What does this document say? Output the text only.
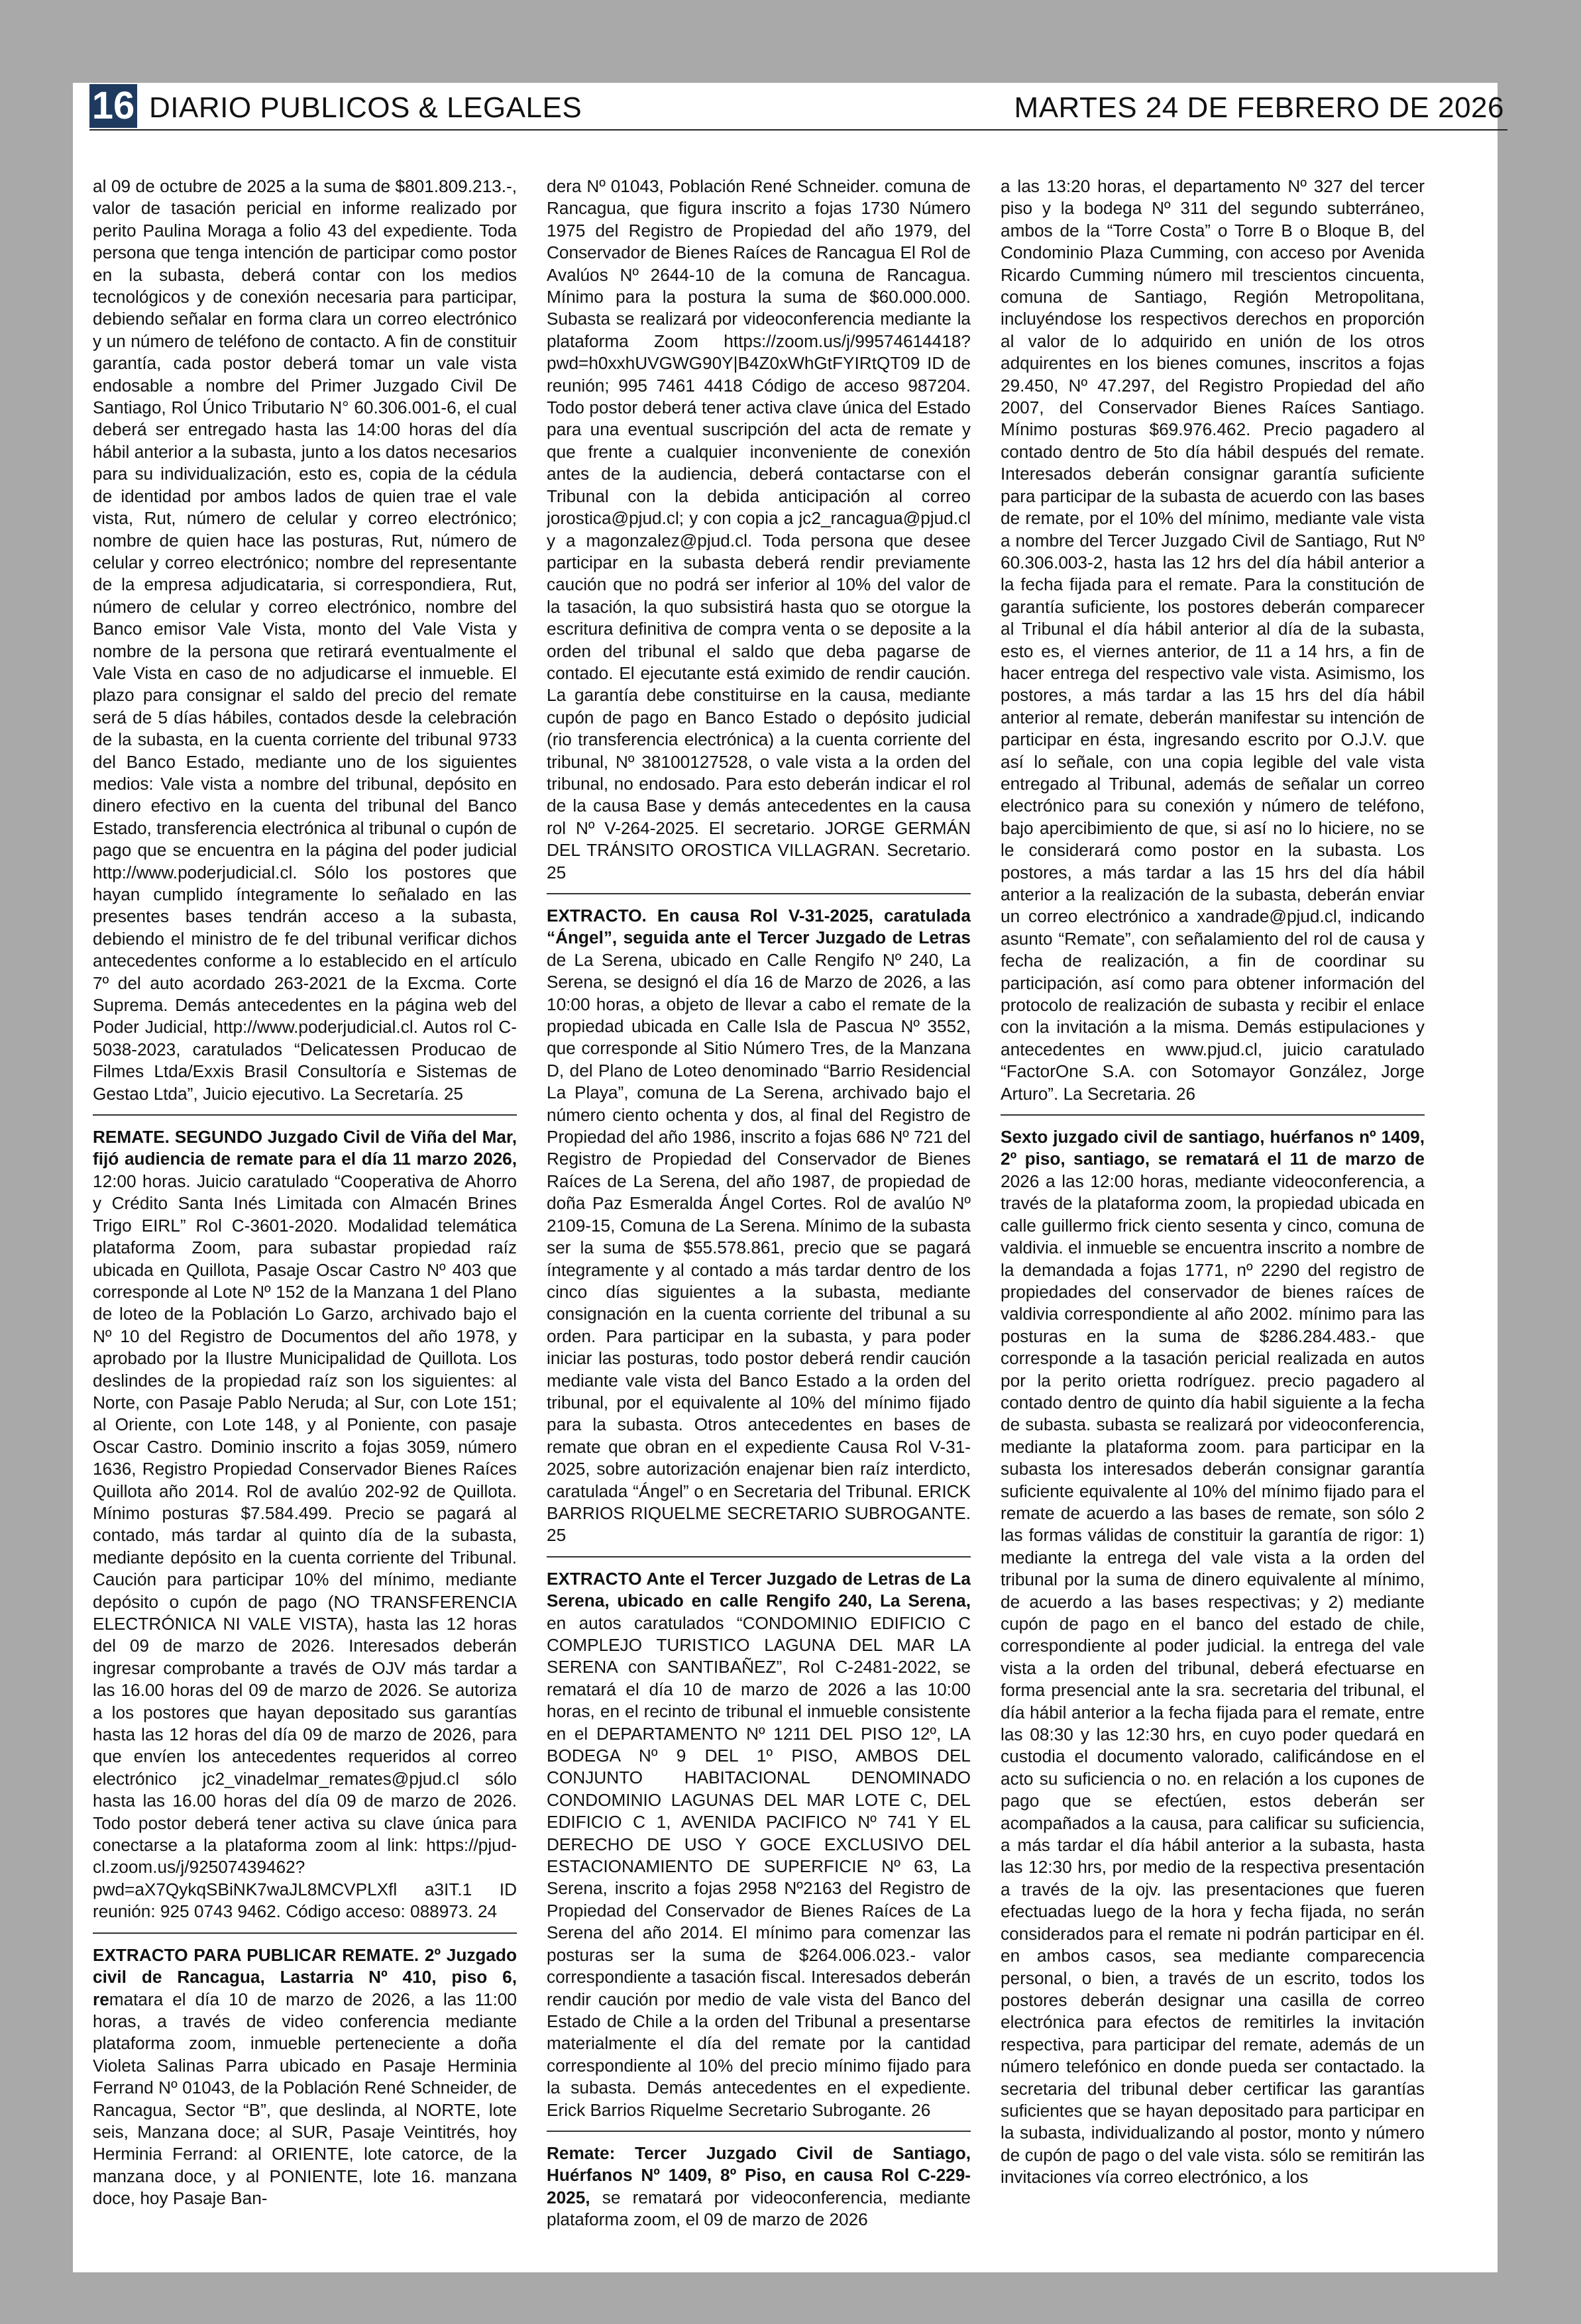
16 DIARIO PUBLICOS & LEGALES	MARTES 24 DE FEBRERO DE 2026

al 09 de octubre de 2025 a la suma de $801.809.213.-, valor de tasación pericial en informe realizado por perito Paulina Moraga a folio 43 del expediente. Toda persona que tenga intención de participar como postor en la subasta, deberá contar con los medios tecnológicos y de conexión necesaria para participar, debiendo señalar en forma clara un correo electrónico y un número de teléfono de contacto. A fin de constituir garantía, cada postor deberá tomar un vale vista endosable a nombre del Primer Juzgado Civil De Santiago, Rol Único Tributario N° 60.306.001-6, el cual deberá ser entregado hasta las 14:00 horas del día hábil anterior a la subasta, junto a los datos necesarios para su individualización, esto es, copia de la cédula de identidad por ambos lados de quien trae el vale vista, Rut, número de celular y correo electrónico; nombre de quien hace las posturas, Rut, número de celular y correo electrónico; nombre del representante de la empresa adjudicataria, si correspondiera, Rut, número de celular y correo electrónico, nombre del Banco emisor Vale Vista, monto del Vale Vista y nombre de la persona que retirará eventualmente el Vale Vista en caso de no adjudicarse el inmueble. El plazo para consignar el saldo del precio del remate será de 5 días hábiles, contados desde la celebración de la subasta, en la cuenta corriente del tribunal 9733 del Banco Estado, mediante uno de los siguientes medios: Vale vista a nombre del tribunal, depósito en dinero efectivo en la cuenta del tribunal del Banco Estado, transferencia electrónica al tribunal o cupón de pago que se encuentra en la página del poder judicial http://www.poderjudicial.cl. Sólo los postores que hayan cumplido íntegramente lo señalado en las presentes bases tendrán acceso a la subasta, debiendo el ministro de fe del tribunal verificar dichos antecedentes conforme a lo establecido en el artículo 7º del auto acordado 263-2021 de la Excma. Corte Suprema. Demás antecedentes en la página web del Poder Judicial, http://www.poderjudicial.cl. Autos rol C-5038-2023, caratulados “Delicatessen Producao de Filmes Ltda/Exxis Brasil Consultoría e Sistemas de Gestao Ltda”, Juicio ejecutivo. La Secretaría. 25

REMATE. SEGUNDO Juzgado Civil de Viña del Mar, fijó audiencia de remate para el día 11 marzo 2026, 12:00 horas. Juicio caratulado “Cooperativa de Ahorro y Crédito Santa Inés Limitada con Almacén Brines Trigo EIRL” Rol C-3601-2020. Modalidad telemática plataforma Zoom, para subastar propiedad raíz ubicada en Quillota, Pasaje Oscar Castro Nº 403 que corresponde al Lote Nº 152 de la Manzana 1 del Plano de loteo de la Población Lo Garzo, archivado bajo el Nº 10 del Registro de Documentos del año 1978, y aprobado por la Ilustre Municipalidad de Quillota. Los deslindes de la propiedad raíz son los siguientes: al Norte, con Pasaje Pablo Neruda; al Sur, con Lote 151; al Oriente, con Lote 148, y al Poniente, con pasaje Oscar Castro. Dominio inscrito a fojas 3059, número 1636, Registro Propiedad Conservador Bienes Raíces Quillota año 2014. Rol de avalúo 202-92 de Quillota. Mínimo posturas $7.584.499. Precio se pagará al contado, más tardar al quinto día de la subasta, mediante depósito en la cuenta corriente del Tribunal. Caución para participar 10% del mínimo, mediante depósito o cupón de pago (NO TRANSFERENCIA ELECTRÓNICA NI VALE VISTA), hasta las 12 horas del 09 de marzo de 2026. Interesados deberán ingresar comprobante a través de OJV más tardar a las 16.00 horas del 09 de marzo de 2026. Se autoriza a los postores que hayan depositado sus garantías hasta las 12 horas del día 09 de marzo de 2026, para que envíen los antecedentes requeridos al correo electrónico jc2_vinadelmar_remates@pjud.cl sólo hasta las 16.00 horas del día 09 de marzo de 2026. Todo postor deberá tener activa su clave única para conectarse a la plataforma zoom al link: https://pjud- cl.zoom.us/j/92507439462?pwd=aX7QykqSBiNK7waJL8MCVPLXfl a3IT.1 ID reunión: 925 0743 9462. Código acceso: 088973. 24

EXTRACTO PARA PUBLICAR REMATE. 2º Juzgado civil de Rancagua, Lastarria Nº 410, piso 6, rematara el día 10 de marzo de 2026, a las 11:00 horas, a través de video conferencia mediante plataforma zoom, inmueble perteneciente a doña Violeta Salinas Parra ubicado en Pasaje Herminia Ferrand Nº 01043, de la Población René Schneider, de Rancagua, Sector “B”, que deslinda, al NORTE, lote seis, Manzana doce; al SUR, Pasaje Veintitrés, hoy Herminia Ferrand: al ORIENTE, lote catorce, de la manzana doce, y al PONIENTE, lote 16. manzana doce, hoy Pasaje Ban-

dera Nº 01043, Población René Schneider. comuna de Rancagua, que figura inscrito a fojas 1730 Número 1975 del Registro de Propiedad del año 1979, del Conservador de Bienes Raíces de Rancagua El Rol de Avalúos Nº 2644-10 de la comuna de Rancagua. Mínimo para la postura la suma de $60.000.000. Subasta se realizará por videoconferencia mediante la plataforma Zoom https://zoom.us/j/99574614418?pwd=h0xxhUVGWG90Y|B4Z0xWhGtFYIRtQT09 ID de reunión; 995 7461 4418 Código de acceso 987204. Todo postor deberá tener activa clave única del Estado para una eventual suscripción del acta de remate y que frente a cualquier inconveniente de conexión antes de la audiencia, deberá contactarse con el Tribunal con la debida anticipación al correo jorostica@pjud.cl; y con copia a jc2_rancagua@pjud.cl y a magonzalez@pjud.cl. Toda persona que desee participar en la subasta deberá rendir previamente caución que no podrá ser inferior al 10% del valor de la tasación, la quo subsistirá hasta quo se otorgue la escritura definitiva de compra venta o se deposite a la orden del tribunal el saldo que deba pagarse de contado. El ejecutante está eximido de rendir caución. La garantía debe constituirse en la causa, mediante cupón de pago en Banco Estado o depósito judicial (rio transferencia electrónica) a la cuenta corriente del tribunal, Nº 38100127528, o vale vista a la orden del tribunal, no endosado. Para esto deberán indicar el rol de la causa Base y demás antecedentes en la causa rol Nº V-264-2025. El secretario. JORGE GERMÁN DEL TRÁNSITO OROSTICA VILLAGRAN. Secretario. 25

EXTRACTO. En causa Rol V-31-2025, caratulada “Ángel”, seguida ante el Tercer Juzgado de Letras de La Serena, ubicado en Calle Rengifo Nº 240, La Serena, se designó el día 16 de Marzo de 2026, a las 10:00 horas, a objeto de llevar a cabo el remate de la propiedad ubicada en Calle Isla de Pascua Nº 3552, que corresponde al Sitio Número Tres, de la Manzana D, del Plano de Loteo denominado “Barrio Residencial La Playa”, comuna de La Serena, archivado bajo el número ciento ochenta y dos, al final del Registro de Propiedad del año 1986, inscrito a fojas 686 Nº 721 del Registro de Propiedad del Conservador de Bienes Raíces de La Serena, del año 1987, de propiedad de doña Paz Esmeralda Ángel Cortes. Rol de avalúo Nº 2109-15, Comuna de La Serena. Mínimo de la subasta ser la suma de $55.578.861, precio que se pagará íntegramente y al contado a más tardar dentro de los cinco días siguientes a la subasta, mediante consignación en la cuenta corriente del tribunal a su orden. Para participar en la subasta, y para poder iniciar las posturas, todo postor deberá rendir caución mediante vale vista del Banco Estado a la orden del tribunal, por el equivalente al 10% del mínimo fijado para la subasta. Otros antecedentes en bases de remate que obran en el expediente Causa Rol V-31- 2025, sobre autorización enajenar bien raíz interdicto, caratulada “Ángel” o en Secretaria del Tribunal. ERICK BARRIOS RIQUELME SECRETARIO SUBROGANTE. 25

EXTRACTO Ante el Tercer Juzgado de Letras de La Serena, ubicado en calle Rengifo 240, La Serena, en autos caratulados “CONDOMINIO EDIFICIO C COMPLEJO TURISTICO LAGUNA DEL MAR LA SERENA con SANTIBAÑEZ”, Rol C-2481-2022, se rematará el día 10 de marzo de 2026 a las 10:00 horas, en el recinto de tribunal el inmueble consistente en el DEPARTAMENTO Nº 1211 DEL PISO 12º, LA BODEGA Nº 9 DEL 1º PISO, AMBOS DEL CONJUNTO HABITACIONAL DENOMINADO CONDOMINIO LAGUNAS DEL MAR LOTE C, DEL EDIFICIO C 1, AVENIDA PACIFICO Nº 741 Y EL DERECHO DE USO Y GOCE EXCLUSIVO DEL ESTACIONAMIENTO DE SUPERFICIE Nº 63, La Serena, inscrito a fojas 2958 Nº2163 del Registro de Propiedad del Conservador de Bienes Raíces de La Serena del año 2014. El mínimo para comenzar las posturas ser la suma de $264.006.023.- valor correspondiente a tasación fiscal. Interesados deberán rendir caución por medio de vale vista del Banco del Estado de Chile a la orden del Tribunal a presentarse materialmente el día del remate por la cantidad correspondiente al 10% del precio mínimo fijado para la subasta. Demás antecedentes en el expediente. Erick Barrios Riquelme Secretario Subrogante. 26

Remate: Tercer Juzgado Civil de Santiago, Huérfanos Nº 1409, 8º Piso, en causa Rol C-229-2025, se rematará por videoconferencia, mediante plataforma zoom, el 09 de marzo de 2026

a las 13:20 horas, el departamento Nº 327 del tercer piso y la bodega Nº 311 del segundo subterráneo, ambos de la “Torre Costa” o Torre B o Bloque B, del Condominio Plaza Cumming, con acceso por Avenida Ricardo Cumming número mil trescientos cincuenta, comuna de Santiago, Región Metropolitana, incluyéndose los respectivos derechos en proporción al valor de lo adquirido en unión de los otros adquirentes en los bienes comunes, inscritos a fojas 29.450, Nº 47.297, del Registro Propiedad del año 2007, del Conservador Bienes Raíces Santiago. Mínimo posturas $69.976.462. Precio pagadero al contado dentro de 5to día hábil después del remate. Interesados deberán consignar garantía suficiente para participar de la subasta de acuerdo con las bases de remate, por el 10% del mínimo, mediante vale vista a nombre del Tercer Juzgado Civil de Santiago, Rut Nº 60.306.003-2, hasta las 12 hrs del día hábil anterior a la fecha fijada para el remate. Para la constitución de garantía suficiente, los postores deberán comparecer al Tribunal el día hábil anterior al día de la subasta, esto es, el viernes anterior, de 11 a 14 hrs, a fin de hacer entrega del respectivo vale vista. Asimismo, los postores, a más tardar a las 15 hrs del día hábil anterior al remate, deberán manifestar su intención de participar en ésta, ingresando escrito por O.J.V. que así lo señale, con una copia legible del vale vista entregado al Tribunal, además de señalar un correo electrónico para su conexión y número de teléfono, bajo apercibimiento de que, si así no lo hiciere, no se le considerará como postor en la subasta. Los postores, a más tardar a las 15 hrs del día hábil anterior a la realización de la subasta, deberán enviar un correo electrónico a xandrade@pjud.cl, indicando asunto “Remate”, con señalamiento del rol de causa y fecha de realización, a fin de coordinar su participación, así como para obtener información del protocolo de realización de subasta y recibir el enlace con la invitación a la misma. Demás estipulaciones y antecedentes en www.pjud.cl, juicio caratulado “FactorOne S.A. con Sotomayor González, Jorge Arturo”. La Secretaria. 26

Sexto juzgado civil de santiago, huérfanos nº 1409, 2º piso, santiago, se rematará el 11 de marzo de 2026 a las 12:00 horas, mediante videoconferencia, a través de la plataforma zoom, la propiedad ubicada en calle guillermo frick ciento sesenta y cinco, comuna de valdivia. el inmueble se encuentra inscrito a nombre de la demandada a fojas 1771, nº 2290 del registro de propiedades del conservador de bienes raíces de valdivia correspondiente al año 2002. mínimo para las posturas en la suma de $286.284.483.- que corresponde a la tasación pericial realizada en autos por la perito orietta rodríguez. precio pagadero al contado dentro de quinto día habil siguiente a la fecha de subasta. subasta se realizará por videoconferencia, mediante la plataforma zoom. para participar en la subasta los interesados deberán consignar garantía suficiente equivalente al 10% del mínimo fijado para el remate de acuerdo a las bases de remate, son sólo 2 las formas válidas de constituir la garantía de rigor: 1) mediante la entrega del vale vista a la orden del tribunal por la suma de dinero equivalente al mínimo, de acuerdo a las bases respectivas; y 2) mediante cupón de pago en el banco del estado de chile, correspondiente al poder judicial. la entrega del vale vista a la orden del tribunal, deberá efectuarse en forma presencial ante la sra. secretaria del tribunal, el día hábil anterior a la fecha fijada para el remate, entre las 08:30 y las 12:30 hrs, en cuyo poder quedará en custodia el documento valorado, calificándose en el acto su suficiencia o no. en relación a los cupones de pago que se efectúen, estos deberán ser acompañados a la causa, para calificar su suficiencia, a más tardar el día hábil anterior a la subasta, hasta las 12:30 hrs, por medio de la respectiva presentación a través de la ojv. las presentaciones que fueren efectuadas luego de la hora y fecha fijada, no serán considerados para el remate ni podrán participar en él. en ambos casos, sea mediante comparecencia personal, o bien, a través de un escrito, todos los postores deberán designar una casilla de correo electrónica para efectos de remitirles la invitación respectiva, para participar del remate, además de un número telefónico en donde pueda ser contactado. la secretaria del tribunal deber certificar las garantías suficientes que se hayan depositado para participar en la subasta, individualizando al postor, monto y número de cupón de pago o del vale vista. sólo se remitirán las invitaciones vía correo electrónico, a los
